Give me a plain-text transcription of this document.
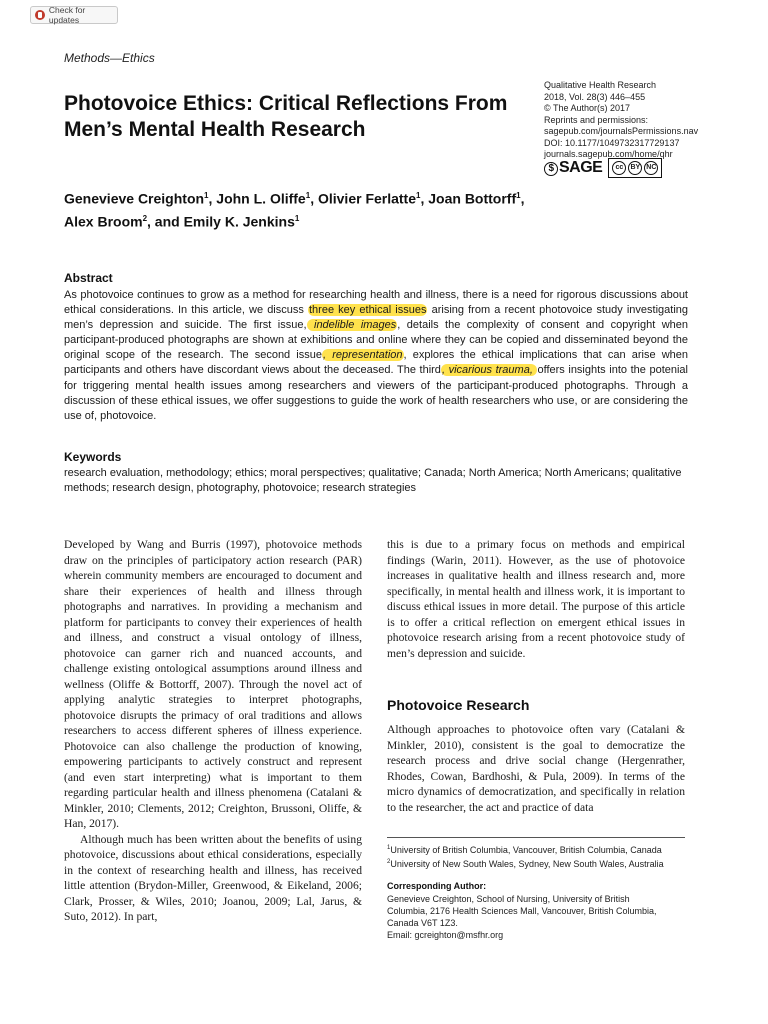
Check for updates
Methods—Ethics
Photovoice Ethics: Critical Reflections From Men’s Mental Health Research
Qualitative Health Research
2018, Vol. 28(3) 446–455
© The Author(s) 2017
Reprints and permissions:
sagepub.com/journalsPermissions.nav
DOI: 10.1177/1049732317729137
journals.sagepub.com/home/qhr
$ SAGE	cc	BY NC
Genevieve Creighton$^1$, John L. Oliffe$^1$, Olivier Ferlatte$^1$, Joan Bottorff$^1$,
Alex Broom$^2$, and Emily K. Jenkins$^1$
Abstract

As photovoice continues to grow as a method for researching health and illness, there is a need for rigorous discussions about ethical considerations. In this article, we discuss three key ethical issues arising from a recent photovoice study investigating men’s depression and suicide. The first issue, indelible images, details the complexity of consent and copyright when participant-produced photographs are shown at exhibitions and online where they can be copied and disseminated beyond the original scope of the research. The second issue, representation, explores the ethical implications that can arise when participants and others have discordant views about the deceased. The third, vicarious trauma, offers insights into the potenial for triggering mental health issues among researchers and viewers of the participant-produced photographs. Through a discussion of these ethical issues, we offer suggestions to guide the work of health researchers who use, or are considering the use of, photovoice.

Keywords

research evaluation, methodology; ethics; moral perspectives; qualitative; Canada; North America; North Americans; qualitative methods; research design, photography, photovoice; research strategies

Developed by Wang and Burris (1997), photovoice methods draw on the principles of participatory action research (PAR) wherein community members are encouraged to document and share their experiences of health and illness through photographs and narratives. In providing a mechanism and platform for participants to convey their experiences of health and illness, and construct a visual ontology of illness, photovoice can garner rich and nuanced accounts, and challenge existing ontological assumptions around illness and wellness (Oliffe & Bottorff, 2007). Through the novel act of applying analytic strategies to interpret photographs, photovoice disrupts the primacy of oral traditions and allows researchers to access different spheres of illness experience. Photovoice can also challenge the production of knowing, empowering participants to actively construct and represent (and even start interpreting) what is important to them regarding particular health and illness phenomena (Catalani & Minkler, 2010; Clements, 2012; Creighton, Brussoni, Oliffe, & Han, 2017).

Although much has been written about the benefits of using photovoice, discussions about ethical considerations, especially in the context of researching health and illness, has received little attention (Brydon-Miller, Greenwood, & Eikeland, 2006; Clark, Prosser, & Wiles, 2010; Joanou, 2009; Lal, Jarus, & Suto, 2012). In part,

this is due to a primary focus on methods and empirical findings (Warin, 2011). However, as the use of photovoice increases in qualitative health and illness research and, more specifically, in mental health and illness work, it is important to discuss ethical issues in more detail. The purpose of this article is to offer a critical reflection on emergent ethical issues in photovoice research arising from a recent photovoice study of men’s depression and suicide.

Photovoice Research

Although approaches to photovoice often vary (Catalani & Minkler, 2010), consistent is the goal to democratize the research process and drive social change (Hergenrather, Rhodes, Cowan, Bardhoshi, & Pula, 2009). In terms of the micro dynamics of democratization, and specifically in relation to the researcher, the act and practice of data

$^1$University of British Columbia, Vancouver, British Columbia, Canada
$^2$University of New South Wales, Sydney, New South Wales, Australia
Corresponding Author:
Genevieve Creighton, School of Nursing, University of British
Columbia, 2176 Health Sciences Mall, Vancouver, British Columbia,
Canada V6T 1Z3.
Email: gcreighton@msfhr.org
